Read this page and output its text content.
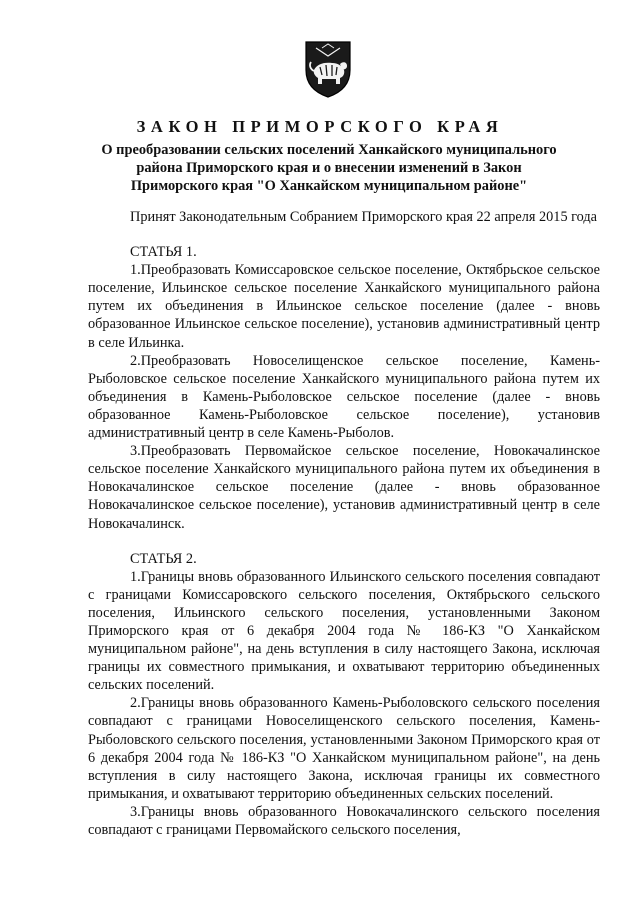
ЗАКОН ПРИМОРСКОГО КРАЯ

О преобразовании сельских поселений Ханкайского муниципального района Приморского края и о внесении изменений в Закон Приморского края "О Ханкайском муниципальном районе"

Принят Законодательным Собранием Приморского края 22 апреля 2015 года

СТАТЬЯ 1.

1.Преобразовать Комиссаровское сельское поселение, Октябрьское сельское поселение, Ильинское сельское поселение Ханкайского муниципального района путем их объединения в Ильинское сельское поселение (далее - вновь образованное Ильинское сельское поселение), установив административный центр в селе Ильинка.

2.Преобразовать Новоселищенское сельское поселение, Камень-Рыболовское сельское поселение Ханкайского муниципального района путем их объединения в Камень-Рыболовское сельское поселение (далее - вновь образованное Камень-Рыболовское сельское поселение), установив административный центр в селе Камень-Рыболов.

3.Преобразовать Первомайское сельское поселение, Новокачалинское сельское поселение Ханкайского муниципального района путем их объединения в Новокачалинское сельское поселение (далее - вновь образованное Новокачалинское сельское поселение), установив административный центр в селе Новокачалинск.

СТАТЬЯ 2.

1.Границы вновь образованного Ильинского сельского поселения совпадают с границами Комиссаровского сельского поселения, Октябрьского сельского поселения, Ильинского сельского поселения, установленными Законом Приморского края от 6 декабря 2004 года № 186-КЗ "О Ханкайском муниципальном районе", на день вступления в силу настоящего Закона, исключая границы их совместного примыкания, и охватывают территорию объединенных сельских поселений.

2.Границы вновь образованного Камень-Рыболовского сельского поселения совпадают с границами Новоселищенского сельского поселения, Камень-Рыболовского сельского поселения, установленными Законом Приморского края от 6 декабря 2004 года № 186-КЗ "О Ханкайском муниципальном районе", на день вступления в силу настоящего Закона, исключая границы их совместного примыкания, и охватывают территорию объединенных сельских поселений.

3.Границы вновь образованного Новокачалинского сельского поселения совпадают с границами Первомайского сельского поселения,
